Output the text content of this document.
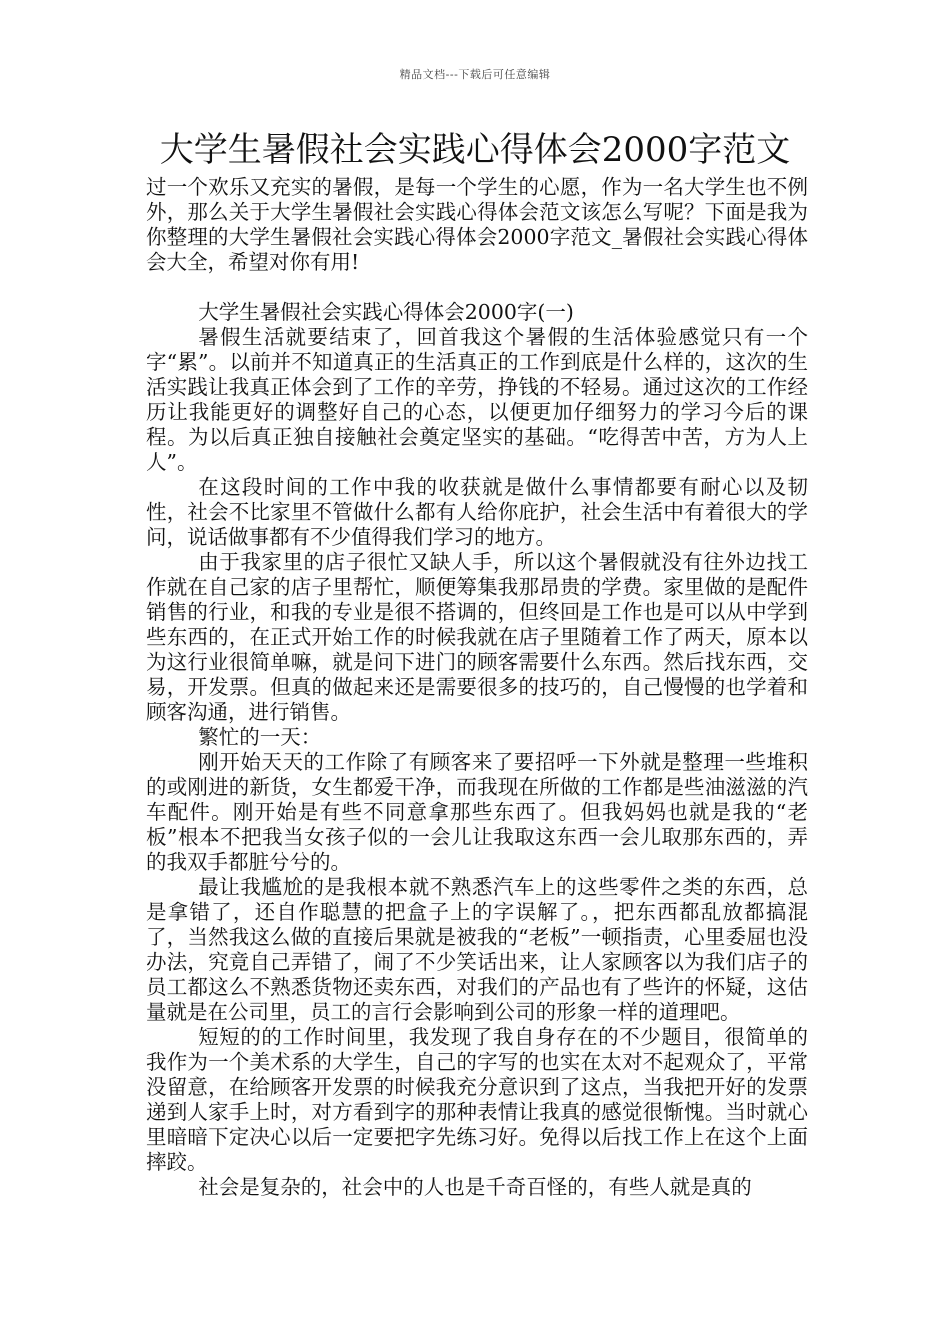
精品文档---下载后可任意编辑
大学生暑假社会实践心得体会2000字范文

过一个欢乐又充实的暑假，是每一个学生的心愿，作为一名大学生也不例外，那么关于大学生暑假社会实践心得体会范文该怎么写呢？下面是我为你整理的大学生暑假社会实践心得体会2000字范文_暑假社会实践心得体会大全，希望对你有用!

大学生暑假社会实践心得体会2000字(一)

暑假生活就要结束了，回首我这个暑假的生活体验感觉只有一个字“累”。以前并不知道真正的生活真正的工作到底是什么样的，这次的生活实践让我真正体会到了工作的辛劳，挣钱的不轻易。通过这次的工作经历让我能更好的调整好自己的心态，以便更加仔细努力的学习今后的课程。为以后真正独自接触社会奠定坚实的基础。“吃得苦中苦，方为人上人”。

在这段时间的工作中我的收获就是做什么事情都要有耐心以及韧性，社会不比家里不管做什么都有人给你庇护，社会生活中有着很大的学问，说话做事都有不少值得我们学习的地方。

由于我家里的店子很忙又缺人手，所以这个暑假就没有往外边找工作就在自己家的店子里帮忙，顺便筹集我那昂贵的学费。家里做的是配件销售的行业，和我的专业是很不搭调的，但终回是工作也是可以从中学到些东西的，在正式开始工作的时候我就在店子里随着工作了两天，原本以为这行业很简单嘛，就是问下进门的顾客需要什么东西。然后找东西，交易，开发票。但真的做起来还是需要很多的技巧的，自己慢慢的也学着和顾客沟通，进行销售。

繁忙的一天：

刚开始天天的工作除了有顾客来了要招呼一下外就是整理一些堆积的或刚进的新货，女生都爱干净，而我现在所做的工作都是些油滋滋的汽车配件。刚开始是有些不同意拿那些东西了。但我妈妈也就是我的“老板”根本不把我当女孩子似的一会儿让我取这东西一会儿取那东西的，弄的我双手都脏兮兮的。

最让我尴尬的是我根本就不熟悉汽车上的这些零件之类的东西，总是拿错了，还自作聪慧的把盒子上的字误解了。，把东西都乱放都搞混了，当然我这么做的直接后果就是被我的“老板”一顿指责，心里委屈也没办法，究竟自己弄错了，闹了不少笑话出来，让人家顾客以为我们店子的员工都这么不熟悉货物还卖东西，对我们的产品也有了些许的怀疑，这估量就是在公司里，员工的言行会影响到公司的形象一样的道理吧。

短短的的工作时间里，我发现了我自身存在的不少题目，很简单的我作为一个美术系的大学生，自己的字写的也实在太对不起观众了，平常没留意，在给顾客开发票的时候我充分意识到了这点，当我把开好的发票递到人家手上时，对方看到字的那种表情让我真的感觉很惭愧。当时就心里暗暗下定决心以后一定要把字先练习好。免得以后找工作上在这个上面摔跤。

社会是复杂的，社会中的人也是千奇百怪的，有些人就是真的
